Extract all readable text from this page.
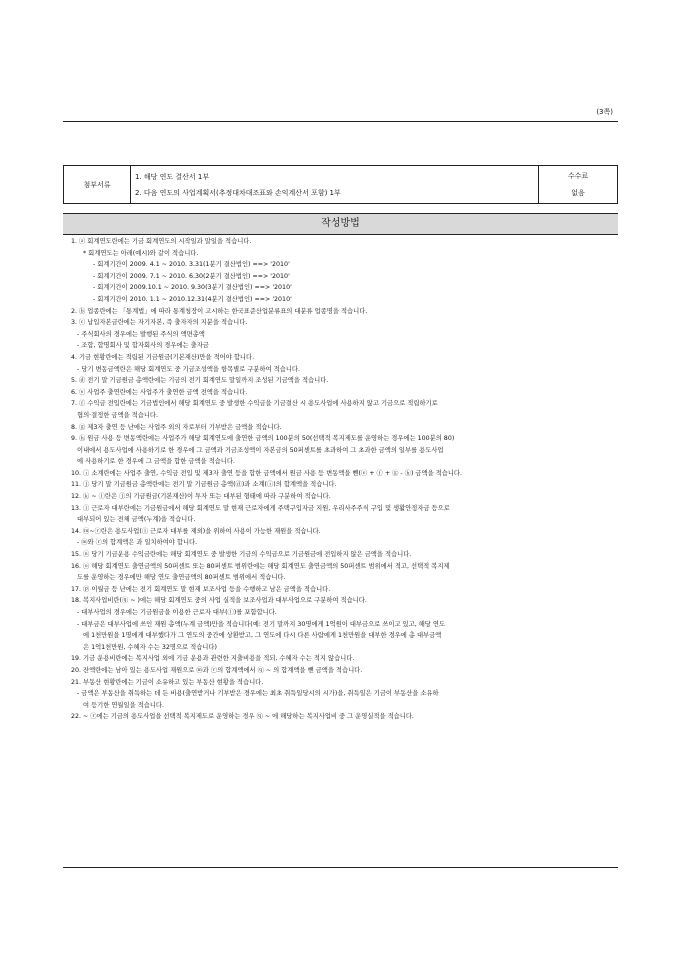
(3쪽)
첨부서류	
1. 해당 연도 결산서 1부
2. 다음 연도의 사업계획서(추정대차대조표와 손익계산서 포함) 1부

수수료
없음
작성방법
1. ⓐ 회계연도란에는 기금 회계연도의 시작일과 말일을 적습니다.
* 회계연도는 아래(예시)와 같이 적습니다.
- 회계기간이 2009. 4.1 ~ 2010. 3.31(1분기 결산법인) ==> '2010'
- 회계기간이 2009. 7.1 ~ 2010. 6.30(2분기 결산법인) ==> '2010'
- 회계기간이 2009.10.1 ~ 2010. 9.30(3분기 결산법인) ==> '2010'
- 회계기간이 2010. 1.1 ~ 2010.12.31(4분기 결산법인) ==> '2010'
2. ⓑ 업종란에는 「통계법」에 따라 통계청장이 고시하는 한국표준산업분류표의 대분류 업종명을 적습니다.
3. ⓒ 납입자본금란에는 자기자본, 즉 출자자의 지분을 적습니다.
- 주식회사의 경우에는 발행된 주식의 액면총액
- 조합, 합명회사 및 합자회사의 경우에는 출자금
4. 기금 현황란에는 적립된 기금원금(기본재산)만을 적어야 합니다.
- 당기 변동금액란은 해당 회계연도 중 기금조성액을 항목별로 구분하여 적습니다.
5. ⓓ 전기 말 기금원금 총액란에는 기금의 전기 회계연도 말일까지 조성된 기금액을 적습니다.
6. ⓔ 사업주 출연란에는 사업주가 출연한 금액 전액을 적습니다.
7. ⓕ 수익금 전입란에는 기금법인에서 해당 회계연도 중 발생한 수익금을 기금결산 시 용도사업에 사용하지 않고 기금으로 적립하기로
협의·결정한 금액을 적습니다.
8. ⓖ 제3자 출연 등 난에는 사업주 외의 자로부터 기부받은 금액을 적습니다.
9. ⓗ 원금 사용 등 변동액란에는 사업주가 해당 회계연도에 출연한 금액의 100분의 50(선택적 복지제도를 운영하는 경우에는 100분의 80)
이내에서 용도사업에 사용하기로 한 경우에 그 금액과 기금조성액이 자본금의 50퍼센트를 초과하여 그 초과한 금액의 일부를 용도사업
에 사용하기로 한 경우에 그 금액을 합한 금액을 적습니다.
10. ⓘ 소계란에는 사업주 출연, 수익금 전입 및 제3자 출연 등을 합한 금액에서 원금 사용 등 변동액을 뺀(ⓔ + ⓕ + ⓖ - ⓗ) 금액을 적습니다.
11. ⓙ 당기 말 기금원금 총액란에는 전기 말 기금원금 총액(ⓓ)과 소계(ⓘ)의 합계액을 적습니다.
12. ⓚ ~ ⓛ란은 ⓙ의 기금원금(기본재산)이 투자 또는 대부된 형태에 따라 구분하여 적습니다.
13. ⓛ 근로자 대부란에는 기금원금에서 해당 회계연도 말 현재 근로자에게 주택구입자금 지원, 우리사주주식 구입 및 생활안정자금 등으로
대부되어 있는 전체 금액(누계)을 적습니다.
14. ⓜ~ⓡ란은 용도사업(ⓛ 근로자 대부를 제외)을 위하여 사용이 가능한 재원을 적습니다.
- ⓜ와 ⓡ의 합계액은 과 일치하여야 합니다.
15. ⓝ 당기 기금운용 수익금란에는 해당 회계연도 중 발생한 기금의 수익금으로 기금원금에 전입하지 않은 금액을 적습니다.
16. ⓞ 해당 회계연도 출연금액의 50퍼센트 또는 80퍼센트 범위란에는 해당 회계연도 출연금액의 50퍼센트 범위에서 적고, 선택적 복지제
도를 운영하는 경우에만 해당 연도 출연금액의 80퍼센트 범위에서 적습니다.
17. ⓟ 이월금 등 난에는 전기 회계연도 말 현재 보조사업 등을 수행하고 남은 금액을 적습니다.
18. 복지사업비란(ⓠ ~ )에는 해당 회계연도 중의 사업 실적을 보조사업과 대부사업으로 구분하여 적습니다.
- 대부사업의 경우에는 기금원금을 이용한 근로자 대부(ⓛ)를 포함합니다.
- 대부금은 대부사업에 쓰인 재원 총액(누계 금액)만을 적습니다(예: 전기 말까지 30명에게 1억원이 대부금으로 쓰이고 있고, 해당 연도
에 1천만원을 1명에게 대부했다가 그 연도의 중간에 상환받고, 그 연도에 다시 다른 사람에게 1천만원을 대부한 경우에 총 대부금액
은 1억1천만원, 수혜자 수는 32명으로 적습니다)
19. 기금 운용비란에는 복지사업 외에 기금 운용과 관련한 지출비용을 적되, 수혜자 수는 적지 않습니다.
20. 잔액란에는 남아 있는 용도사업 재원으로 ⓜ과 ⓡ의 합계액에서 ⓠ ~ 의 합계액을 뺀 금액을 적습니다.
21. 부동산 현황란에는 기금이 소유하고 있는 부동산 현황을 적습니다.
- 금액은 부동산을 취득하는 데 든 비용(출연받거나 기부받은 경우에는 최초 취득일당시의 시가)을, 취득일은 기금이 부동산을 소유하
여 등기한 연월일을 적습니다.
22. ~ ⓡ에는 기금의 용도사업을 선택적 복지제도로 운영하는 경우 ⓠ ~ 에 해당하는 복지사업비 중 그 운영실적을 적습니다.
